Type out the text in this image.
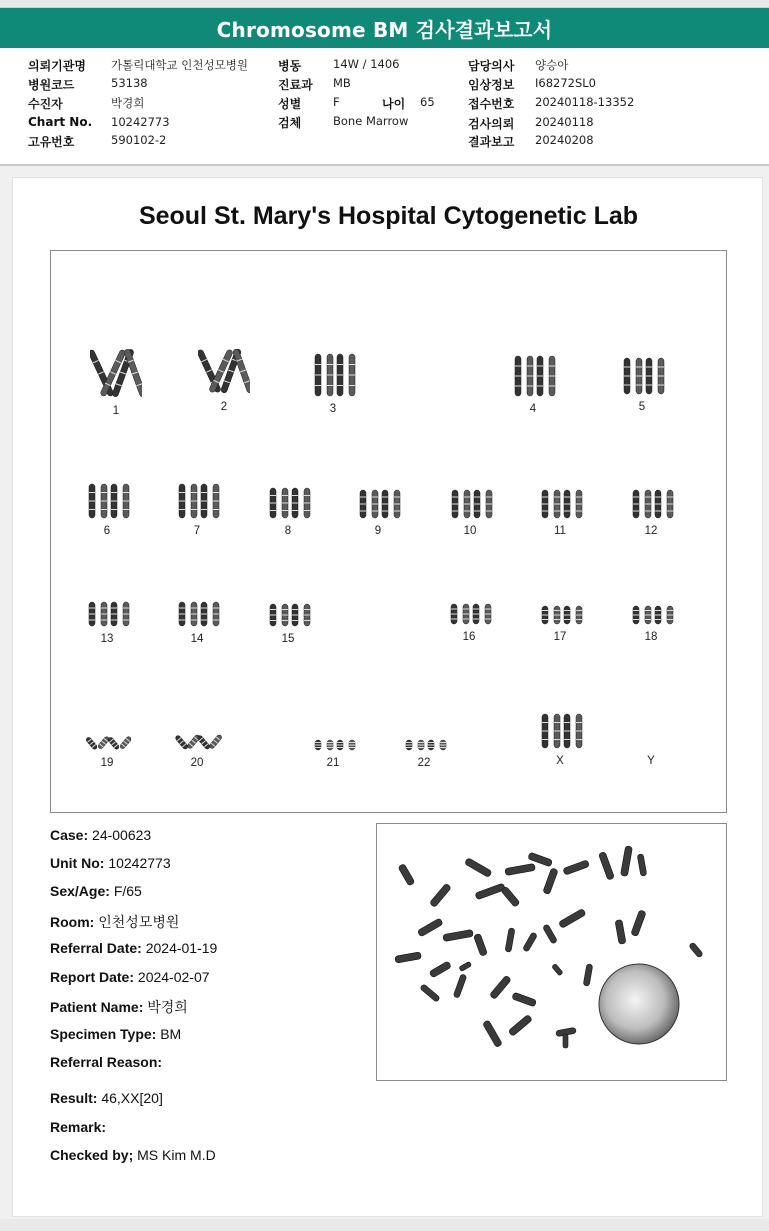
Chromosome BM 검사결과보고서
의뢰기관명 가톨릭대학교 인천성모병원
병원코드	53138
수진자	박경희
Chart No. 10242773
고유번호	590102-2
병동	14W / 1406
진료과 MB
성별	F	나이 65
검체	Bone Marrow
담당의사 양승아
임상정보 I68272SL0
접수번호 20240118-13352
검사의뢰 20240118
결과보고 20240208
Seoul St. Mary's Hospital Cytogenetic Lab
1	2	3	4	5
6	7	8	9	10	11	12
13	14	15	16	17	18
19	20	21	22	X	Y
Case: 24-00623
Unit No: 10242773
Sex/Age: F/65
Room: 인천성모병원
Referral Date: 2024-01-19
Report Date: 2024-02-07
Patient Name: 박경희
Specimen Type: BM
Referral Reason:
Result: 46,XX[20]
Remark:
Checked by; MS Kim M.D
